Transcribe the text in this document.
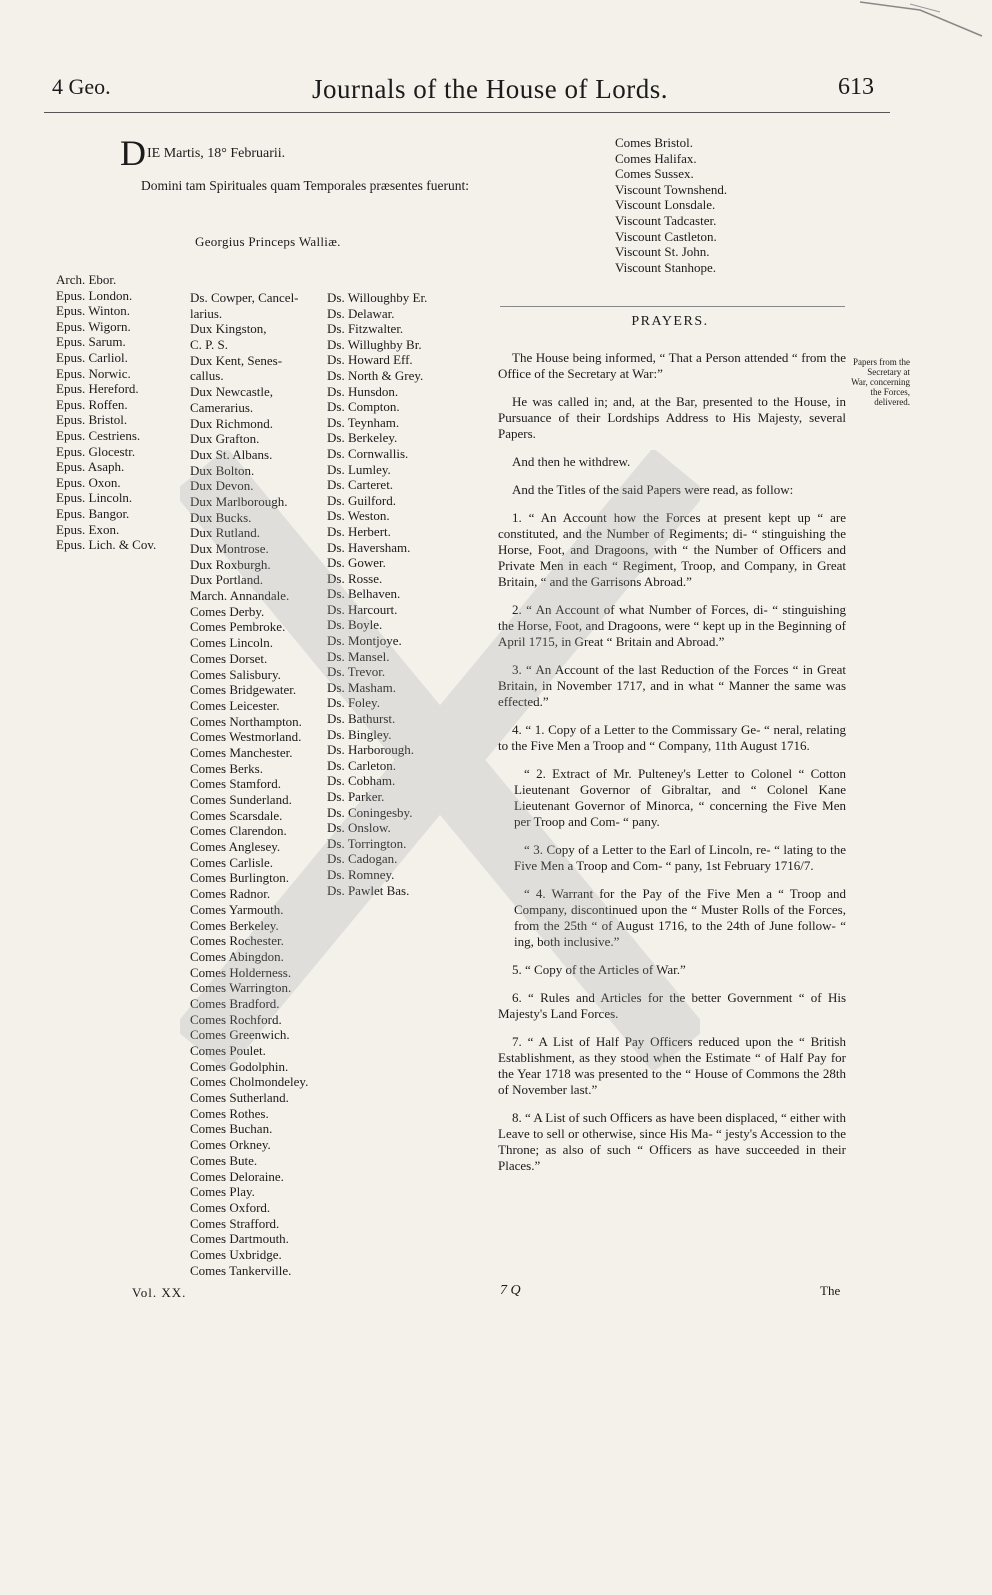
4 Geo.	Journals of the House of Lords.	613
DIE Martis, 18° Februarii.
Domini tam Spirituales quam Temporales præsentes fuerunt:
Georgius Princeps Walliæ.
Arch. Ebor.
Epus. London.
Epus. Winton.
Epus. Wigorn.
Epus. Sarum.
Epus. Carliol.
Epus. Norwic.
Epus. Hereford.
Epus. Roffen.
Epus. Bristol.
Epus. Cestriens.
Epus. Glocestr.
Epus. Asaph.
Epus. Oxon.
Epus. Lincoln.
Epus. Bangor.
Epus. Exon.
Epus. Lich. & Cov.
Ds. Cowper, Cancel-
larius.
Dux Kingston,
C. P. S.
Dux Kent, Senes-
callus.
Dux Newcastle,
Camerarius.
Dux Richmond.
Dux Grafton.
Dux St. Albans.
Dux Bolton.
Dux Devon.
Dux Marlborough.
Dux Bucks.
Dux Rutland.
Dux Montrose.
Dux Roxburgh.
Dux Portland.
March. Annandale.
Comes Derby.
Comes Pembroke.
Comes Lincoln.
Comes Dorset.
Comes Salisbury.
Comes Bridgewater.
Comes Leicester.
Comes Northampton.
Comes Westmorland.
Comes Manchester.
Comes Berks.
Comes Stamford.
Comes Sunderland.
Comes Scarsdale.
Comes Clarendon.
Comes Anglesey.
Comes Carlisle.
Comes Burlington.
Comes Radnor.
Comes Yarmouth.
Comes Berkeley.
Comes Rochester.
Comes Abingdon.
Comes Holderness.
Comes Warrington.
Comes Bradford.
Comes Rochford.
Comes Greenwich.
Comes Poulet.
Comes Godolphin.
Comes Cholmondeley.
Comes Sutherland.
Comes Rothes.
Comes Buchan.
Comes Orkney.
Comes Bute.
Comes Deloraine.
Comes Play.
Comes Oxford.
Comes Strafford.
Comes Dartmouth.
Comes Uxbridge.
Comes Tankerville.
Ds. Willoughby Er.
Ds. Delawar.
Ds. Fitzwalter.
Ds. Willughby Br.
Ds. Howard Eff.
Ds. North & Grey.
Ds. Hunsdon.
Ds. Compton.
Ds. Teynham.
Ds. Berkeley.
Ds. Cornwallis.
Ds. Lumley.
Ds. Carteret.
Ds. Guilford.
Ds. Weston.
Ds. Herbert.
Ds. Haversham.
Ds. Gower.
Ds. Rosse.
Ds. Belhaven.
Ds. Harcourt.
Ds. Boyle.
Ds. Montjoye.
Ds. Mansel.
Ds. Trevor.
Ds. Masham.
Ds. Foley.
Ds. Bathurst.
Ds. Bingley.
Ds. Harborough.
Ds. Carleton.
Ds. Cobham.
Ds. Parker.
Ds. Coningesby.
Ds. Onslow.
Ds. Torrington.
Ds. Cadogan.
Ds. Romney.
Ds. Pawlet Bas.
Comes Bristol.
Comes Halifax.
Comes Sussex.
Viscount Townshend.
Viscount Lonsdale.
Viscount Tadcaster.
Viscount Castleton.
Viscount St. John.
Viscount Stanhope.
PRAYERS.
Papers from the Secretary at War, concerning the Forces, delivered.

The House being informed, “ That a Person attended “ from the Office of the Secretary at War:”

He was called in; and, at the Bar, presented to the House, in Pursuance of their Lordships Address to His Majesty, several Papers.

And then he withdrew.

And the Titles of the said Papers were read, as follow:

1. “ An Account how the Forces at present kept up “ are constituted, and the Number of Regiments; di- “ stinguishing the Horse, Foot, and Dragoons, with “ the Number of Officers and Private Men in each “ Regiment, Troop, and Company, in Great Britain, “ and the Garrisons Abroad.”

2. “ An Account of what Number of Forces, di- “ stinguishing the Horse, Foot, and Dragoons, were “ kept up in the Beginning of April 1715, in Great “ Britain and Abroad.”

3. “ An Account of the last Reduction of the Forces “ in Great Britain, in November 1717, and in what “ Manner the same was effected.”

4. “ 1. Copy of a Letter to the Commissary Ge- “ neral, relating to the Five Men a Troop and “ Company, 11th August 1716.

“ 2. Extract of Mr. Pulteney's Letter to Colonel “ Cotton Lieutenant Governor of Gibraltar, and “ Colonel Kane Lieutenant Governor of Minorca, “ concerning the Five Men per Troop and Com- “ pany.

“ 3. Copy of a Letter to the Earl of Lincoln, re- “ lating to the Five Men a Troop and Com- “ pany, 1st February 1716/7.

“ 4. Warrant for the Pay of the Five Men a “ Troop and Company, discontinued upon the “ Muster Rolls of the Forces, from the 25th “ of August 1716, to the 24th of June follow- “ ing, both inclusive.”

5. “ Copy of the Articles of War.”

6. “ Rules and Articles for the better Government “ of His Majesty's Land Forces.

7. “ A List of Half Pay Officers reduced upon the “ British Establishment, as they stood when the Estimate “ of Half Pay for the Year 1718 was presented to the “ House of Commons the 28th of November last.”

8. “ A List of such Officers as have been displaced, “ either with Leave to sell or otherwise, since His Ma- “ jesty's Accession to the Throne; as also of such “ Officers as have succeeded in their Places.”

Vol. XX.	7 Q	The
